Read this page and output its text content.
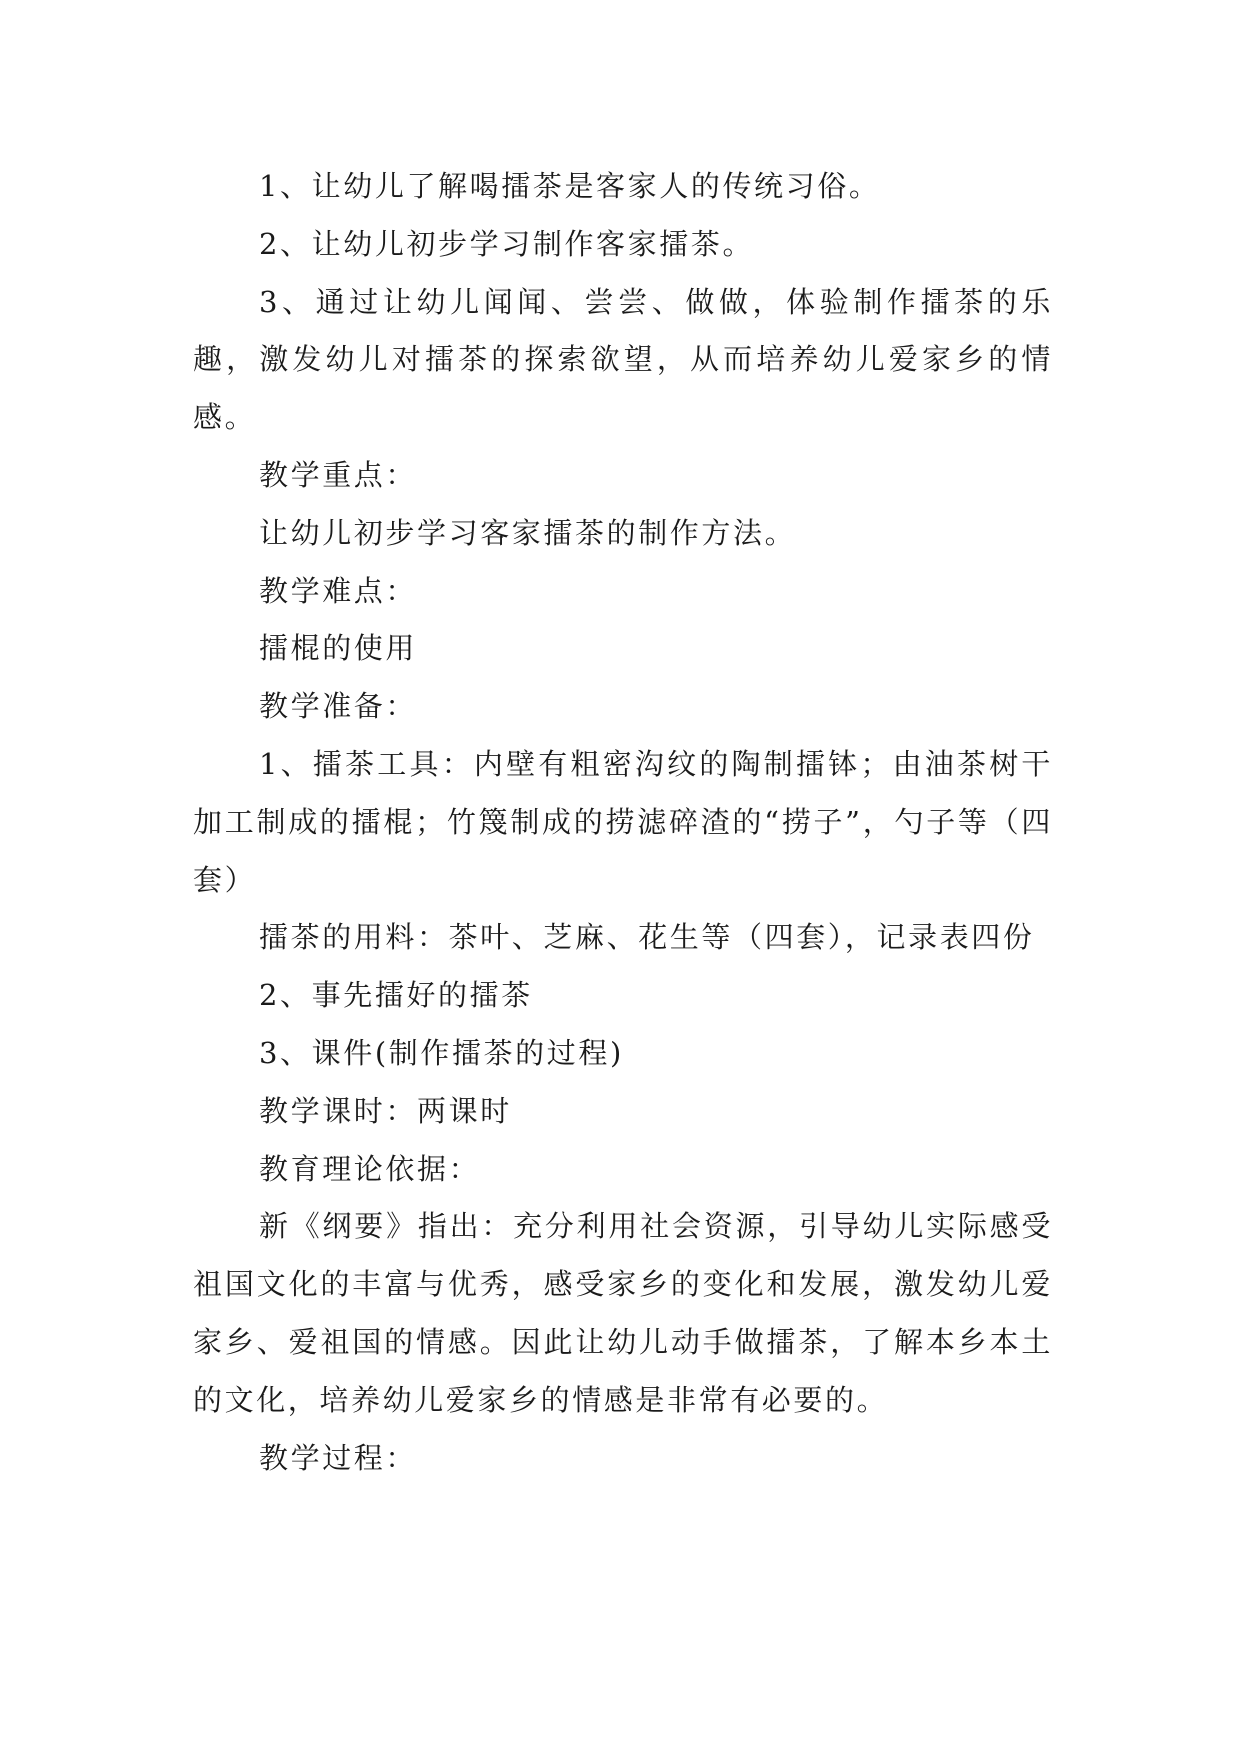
1、让幼儿了解喝擂茶是客家人的传统习俗。

2、让幼儿初步学习制作客家擂茶。

3、通过让幼儿闻闻、尝尝、做做，体验制作擂茶的乐趣，激发幼儿对擂茶的探索欲望，从而培养幼儿爱家乡的情感。

教学重点：

让幼儿初步学习客家擂茶的制作方法。

教学难点：

擂棍的使用

教学准备：

1、擂茶工具：内壁有粗密沟纹的陶制擂钵；由油茶树干加工制成的擂棍；竹篾制成的捞滤碎渣的“捞子”，勺子等（四套）

擂茶的用料：茶叶、芝麻、花生等（四套），记录表四份

2、事先擂好的擂茶

3、课件(制作擂茶的过程)

教学课时：两课时

教育理论依据：

新《纲要》指出：充分利用社会资源，引导幼儿实际感受祖国文化的丰富与优秀，感受家乡的变化和发展，激发幼儿爱家乡、爱祖国的情感。因此让幼儿动手做擂茶，了解本乡本土的文化，培养幼儿爱家乡的情感是非常有必要的。

教学过程：
